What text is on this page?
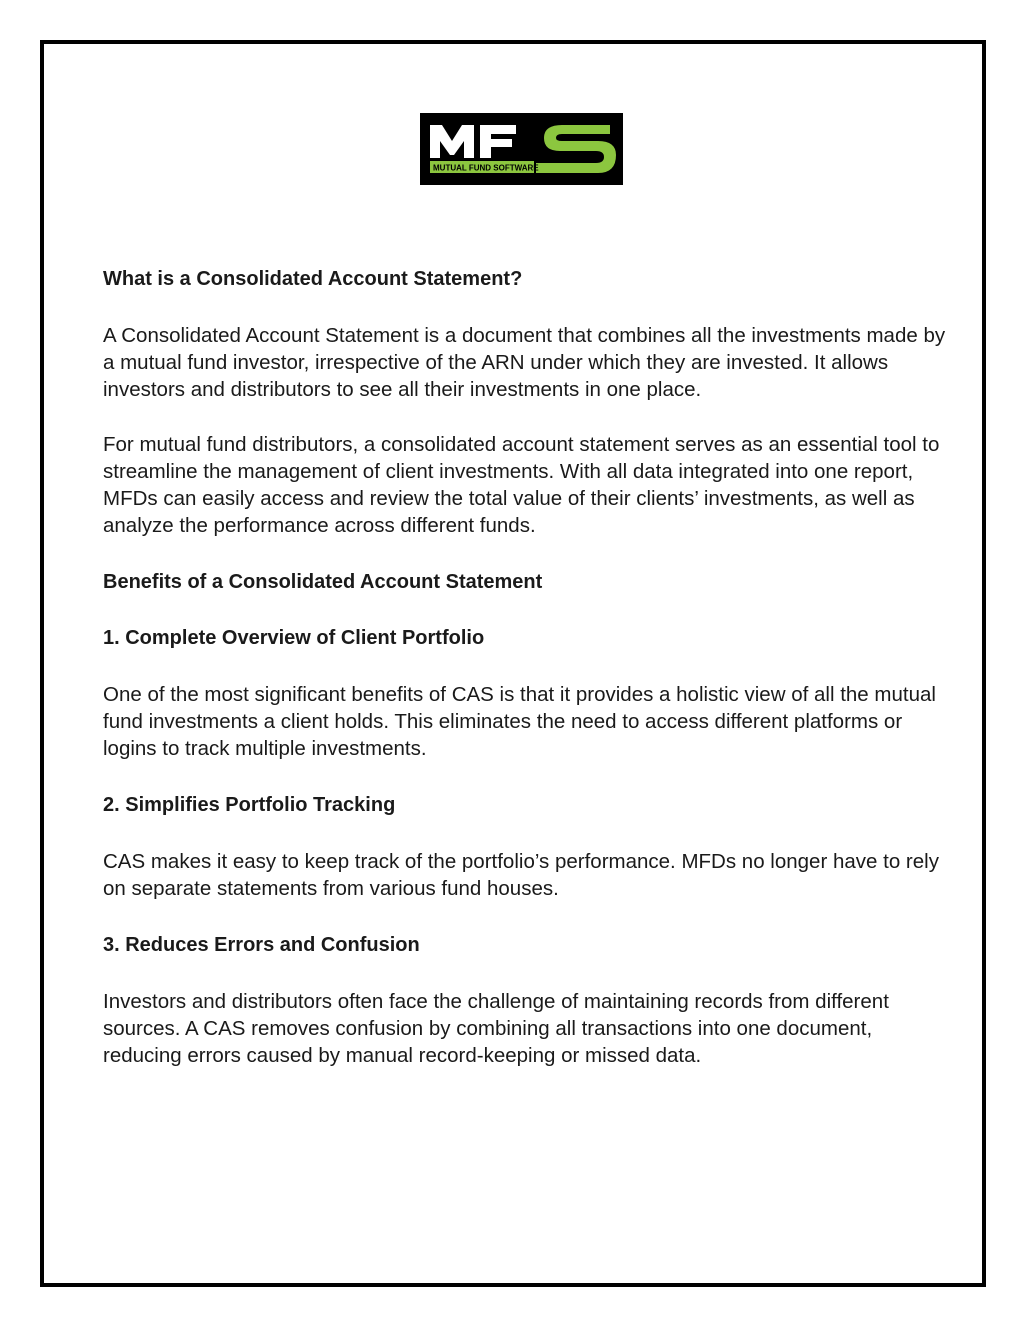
MUTUAL FUND SOFTWARE

What is a Consolidated Account Statement?

A Consolidated Account Statement is a document that combines all the investments made by a mutual fund investor, irrespective of the ARN under which they are invested. It allows investors and distributors to see all their investments in one place.

For mutual fund distributors, a consolidated account statement serves as an essential tool to streamline the management of client investments. With all data integrated into one report, MFDs can easily access and review the total value of their clients’ investments, as well as analyze the performance across different funds.

Benefits of a Consolidated Account Statement

1. Complete Overview of Client Portfolio

One of the most significant benefits of CAS is that it provides a holistic view of all the mutual fund investments a client holds. This eliminates the need to access different platforms or logins to track multiple investments.

2. Simplifies Portfolio Tracking

CAS makes it easy to keep track of the portfolio’s performance. MFDs no longer have to rely on separate statements from various fund houses.

3. Reduces Errors and Confusion

Investors and distributors often face the challenge of maintaining records from different sources. A CAS removes confusion by combining all transactions into one document, reducing errors caused by manual record-keeping or missed data.
